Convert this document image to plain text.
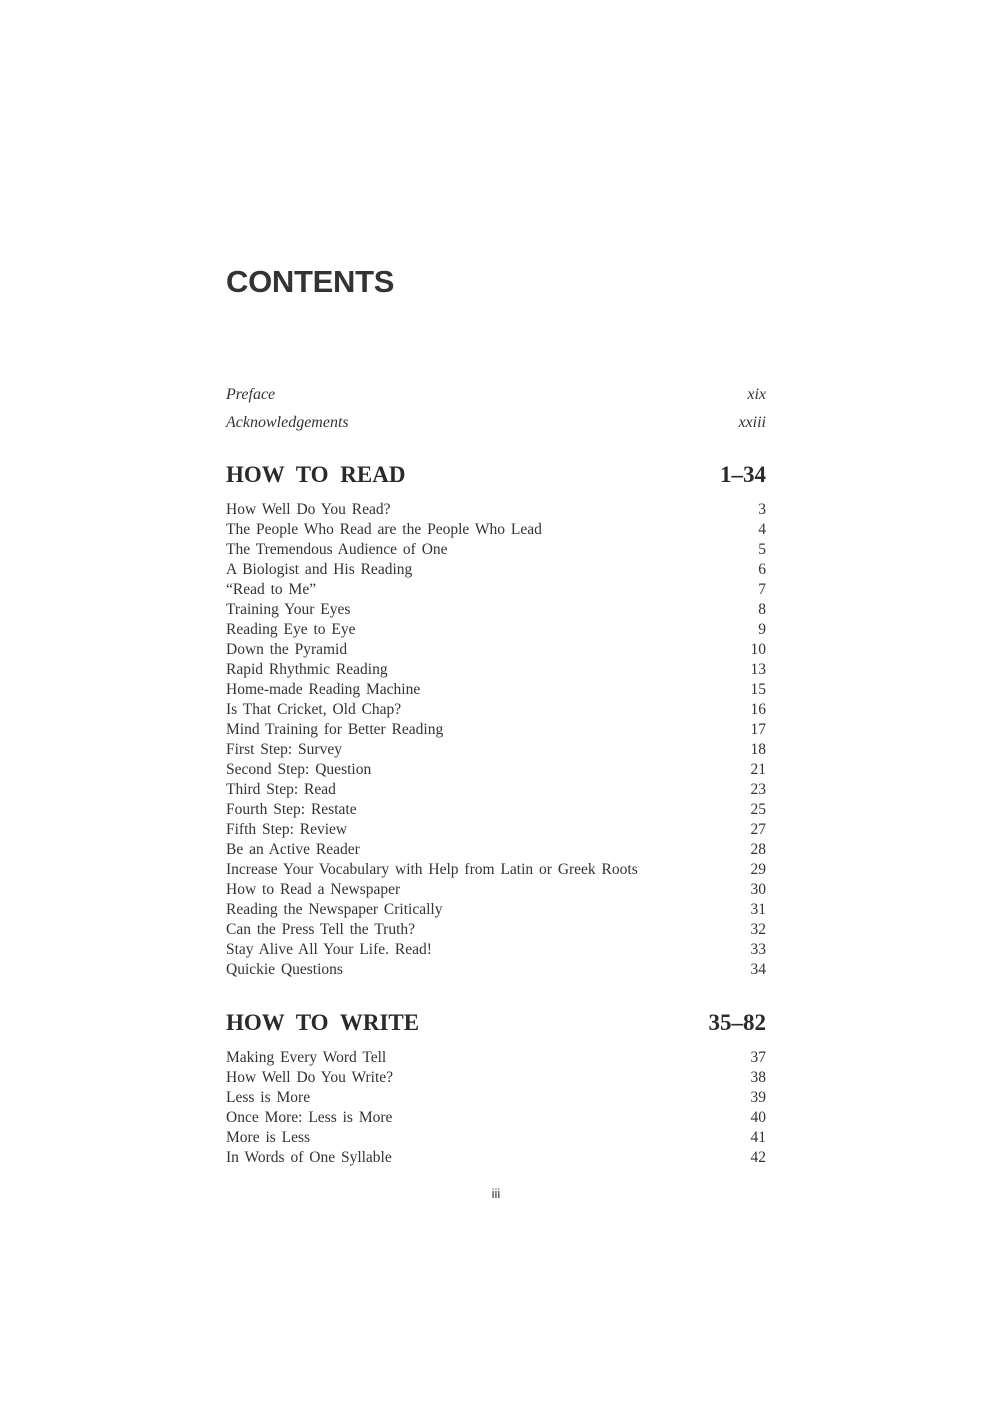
CONTENTS
Preface	xix
Acknowledgements	xxiii
HOW TO READ	1–34
How Well Do You Read?	3
The People Who Read are the People Who Lead	4
The Tremendous Audience of One	5
A Biologist and His Reading	6
“Read to Me”	7
Training Your Eyes	8
Reading Eye to Eye	9
Down the Pyramid	10
Rapid Rhythmic Reading	13
Home-made Reading Machine	15
Is That Cricket, Old Chap?	16
Mind Training for Better Reading	17
First Step: Survey	18
Second Step: Question	21
Third Step: Read	23
Fourth Step: Restate	25
Fifth Step: Review	27
Be an Active Reader	28
Increase Your Vocabulary with Help from Latin or Greek Roots	29
How to Read a Newspaper	30
Reading the Newspaper Critically	31
Can the Press Tell the Truth?	32
Stay Alive All Your Life. Read!	33
Quickie Questions	34
HOW TO WRITE	35–82
Making Every Word Tell	37
How Well Do You Write?	38
Less is More	39
Once More: Less is More	40
More is Less	41
In Words of One Syllable	42
iii
